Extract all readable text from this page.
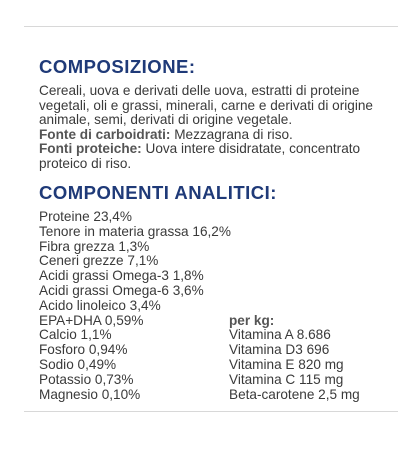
COMPOSIZIONE:

Cereali, uova e derivati delle uova, estratti di proteine vegetali, oli e grassi, minerali, carne e derivati di origine animale, semi, derivati di origine vegetale.
Fonte di carboidrati: Mezzagrana di riso.
Fonti proteiche: Uova intere disidratate, concentrato proteico di riso.

COMPONENTI ANALITICI:
Proteine 23,4%
Tenore in materia grassa 16,2%
Fibra grezza 1,3%
Ceneri grezze 7,1%
Acidi grassi Omega-3 1,8%
Acidi grassi Omega-6 3,6%
Acido linoleico 3,4%
EPA+DHA 0,59%
Calcio 1,1%
Fosforo 0,94%
Sodio 0,49%
Potassio 0,73%
Magnesio 0,10%
per kg:
Vitamina A 8.686
Vitamina D3 696
Vitamina E 820 mg
Vitamina C 115 mg
Beta-carotene 2,5 mg
